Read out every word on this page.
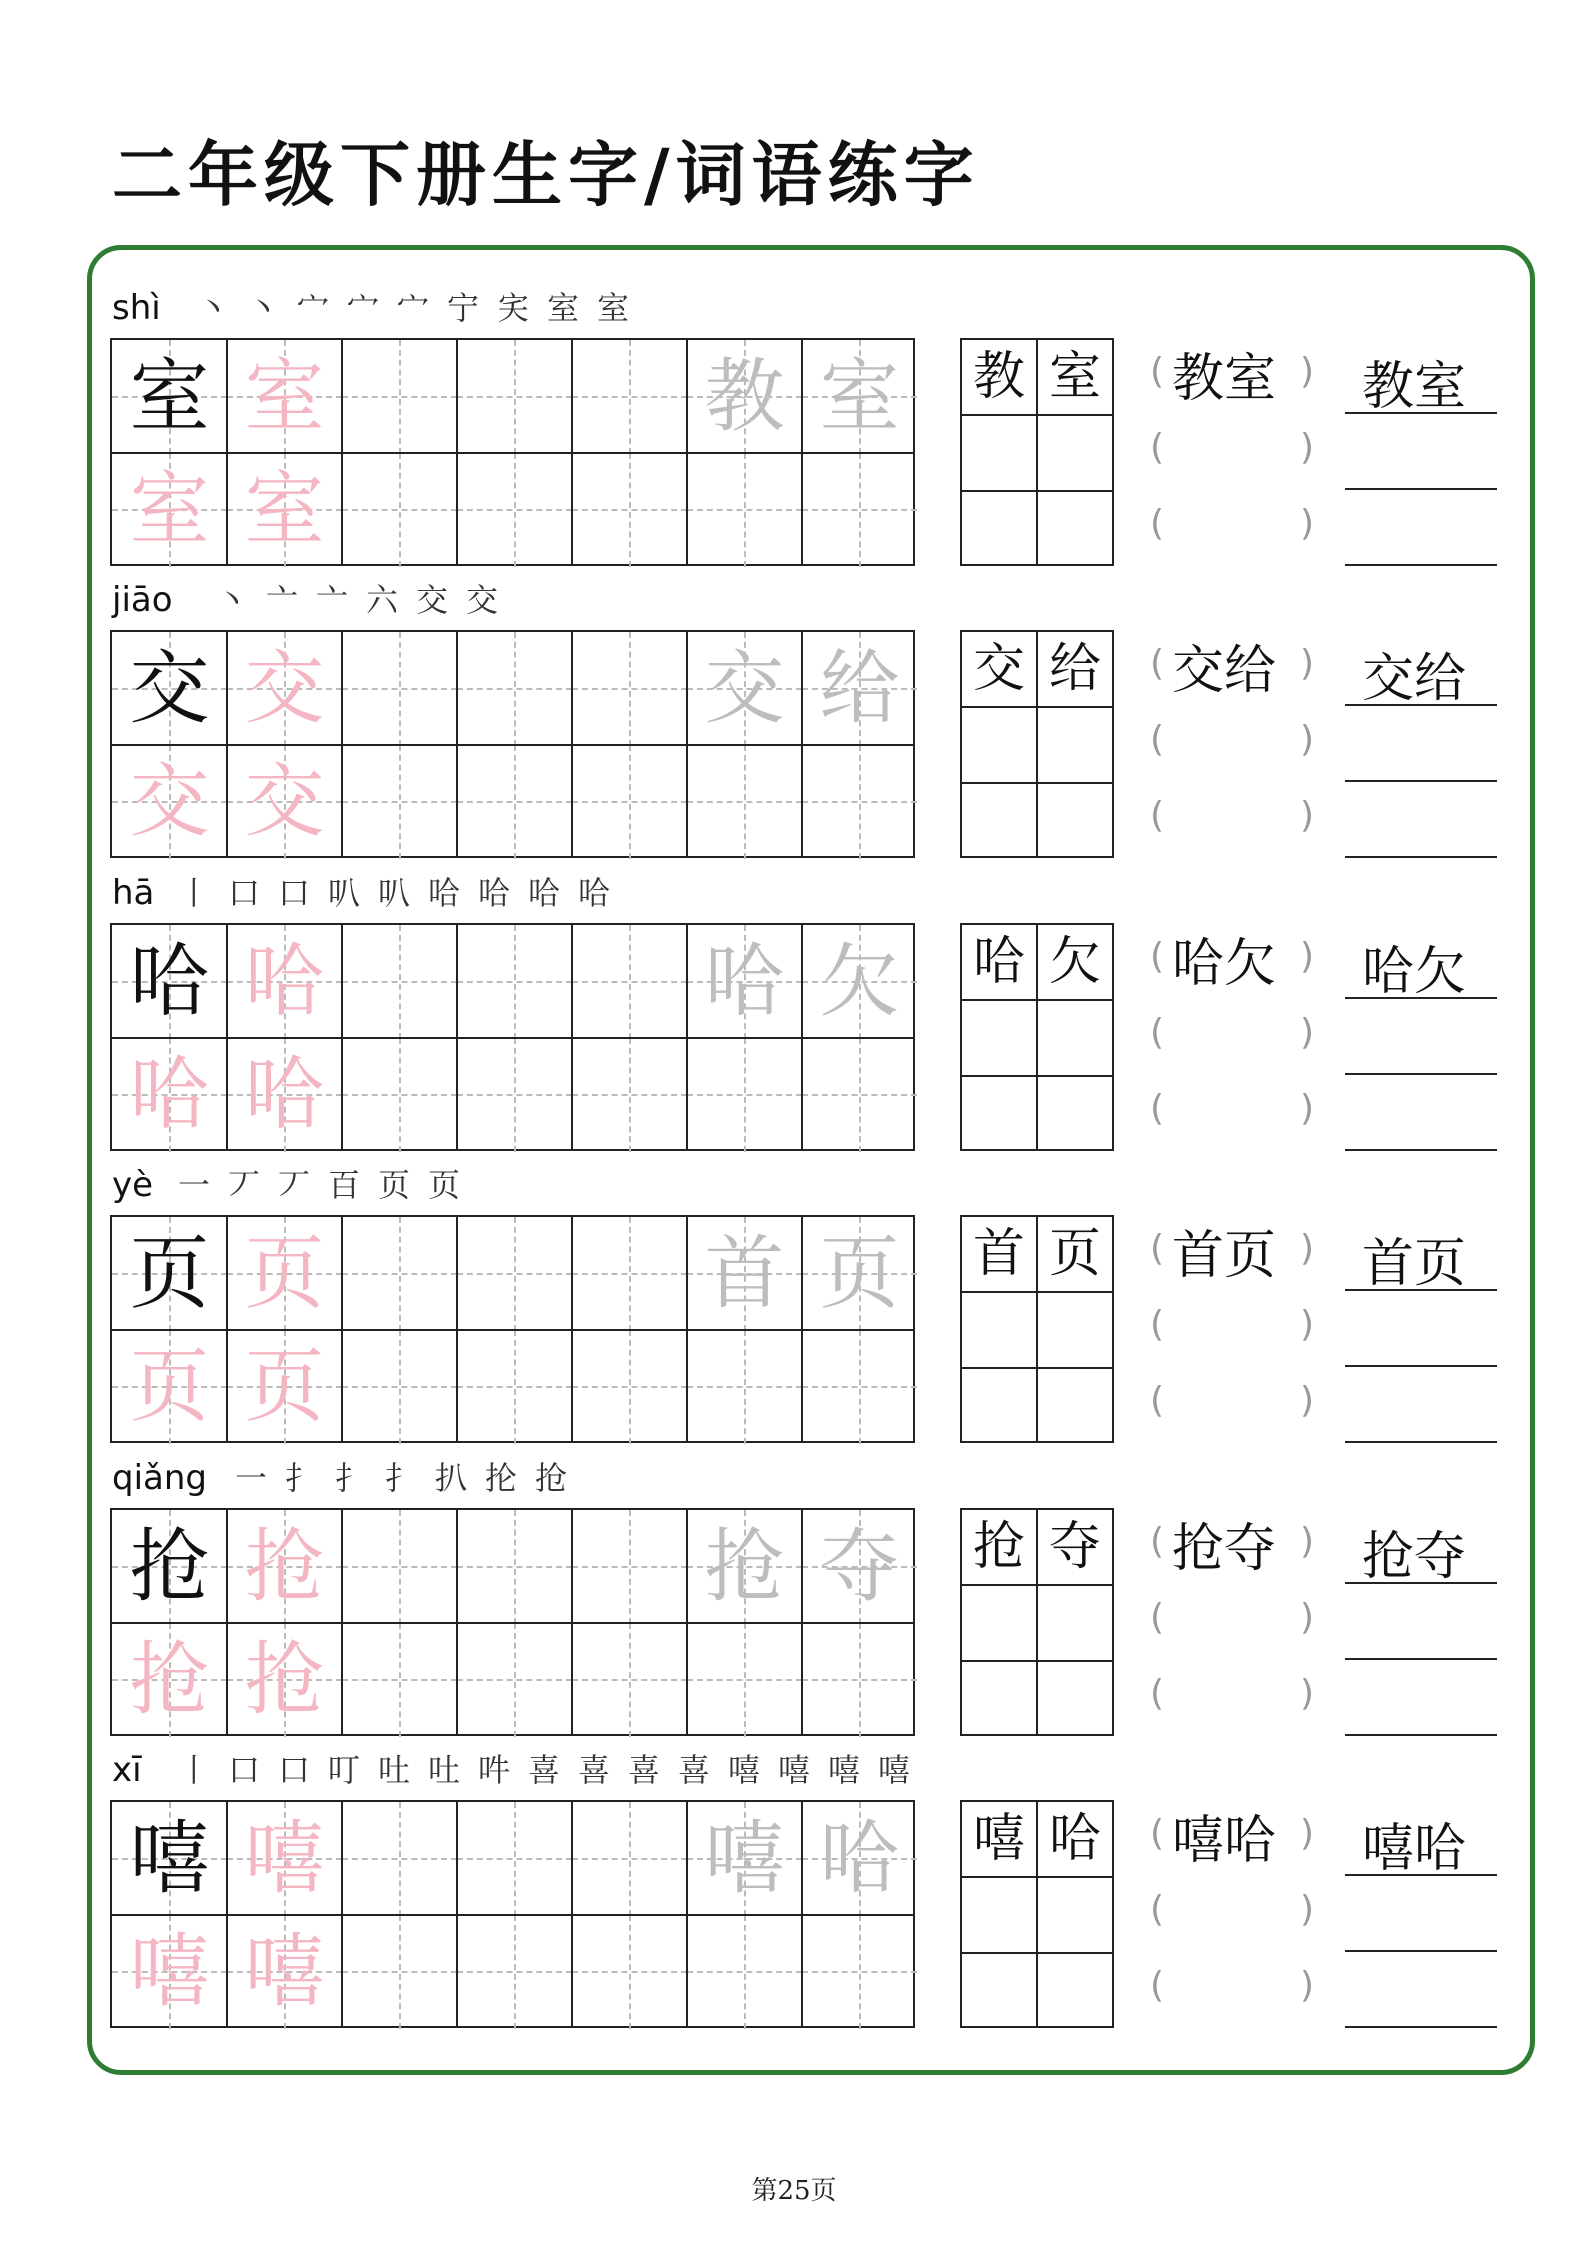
二年级下册生字/词语练字
shì 丶 丶 宀 宀 宀 宁 宎 室 室
室 室
室 室
教 室	教 室	(	)
(	)
(	)
教室 教室
jiāo 丶 亠 亠 六 交 交
交 交
交 交
交 给	交 给	(	)
(	)
(	)
交给 交给
hā 丨 口 口 叭 叭 哈 哈 哈 哈
哈 哈
哈 哈
哈 欠	哈 欠	(	)
(	)
(	)
哈欠 哈欠
yè 一 丆 丆 百 页 页
页 页
页 页
首 页	首 页	(	)
(	)
(	)
首页 首页
qiǎng 一 扌 扌 扌 扒 抡 抢
抢 抢
抢 抢
抢 夺	抢 夺	(	)
(	)
(	)
抢夺 抢夺
xī 丨 口 口 叮 吐 吐 吽 喜 喜 喜 喜 嘻 嘻 嘻 嘻
嘻 嘻
嘻 嘻
嘻 哈	嘻 哈	(	)
(	)
(	)
嘻哈 嘻哈
第25页
